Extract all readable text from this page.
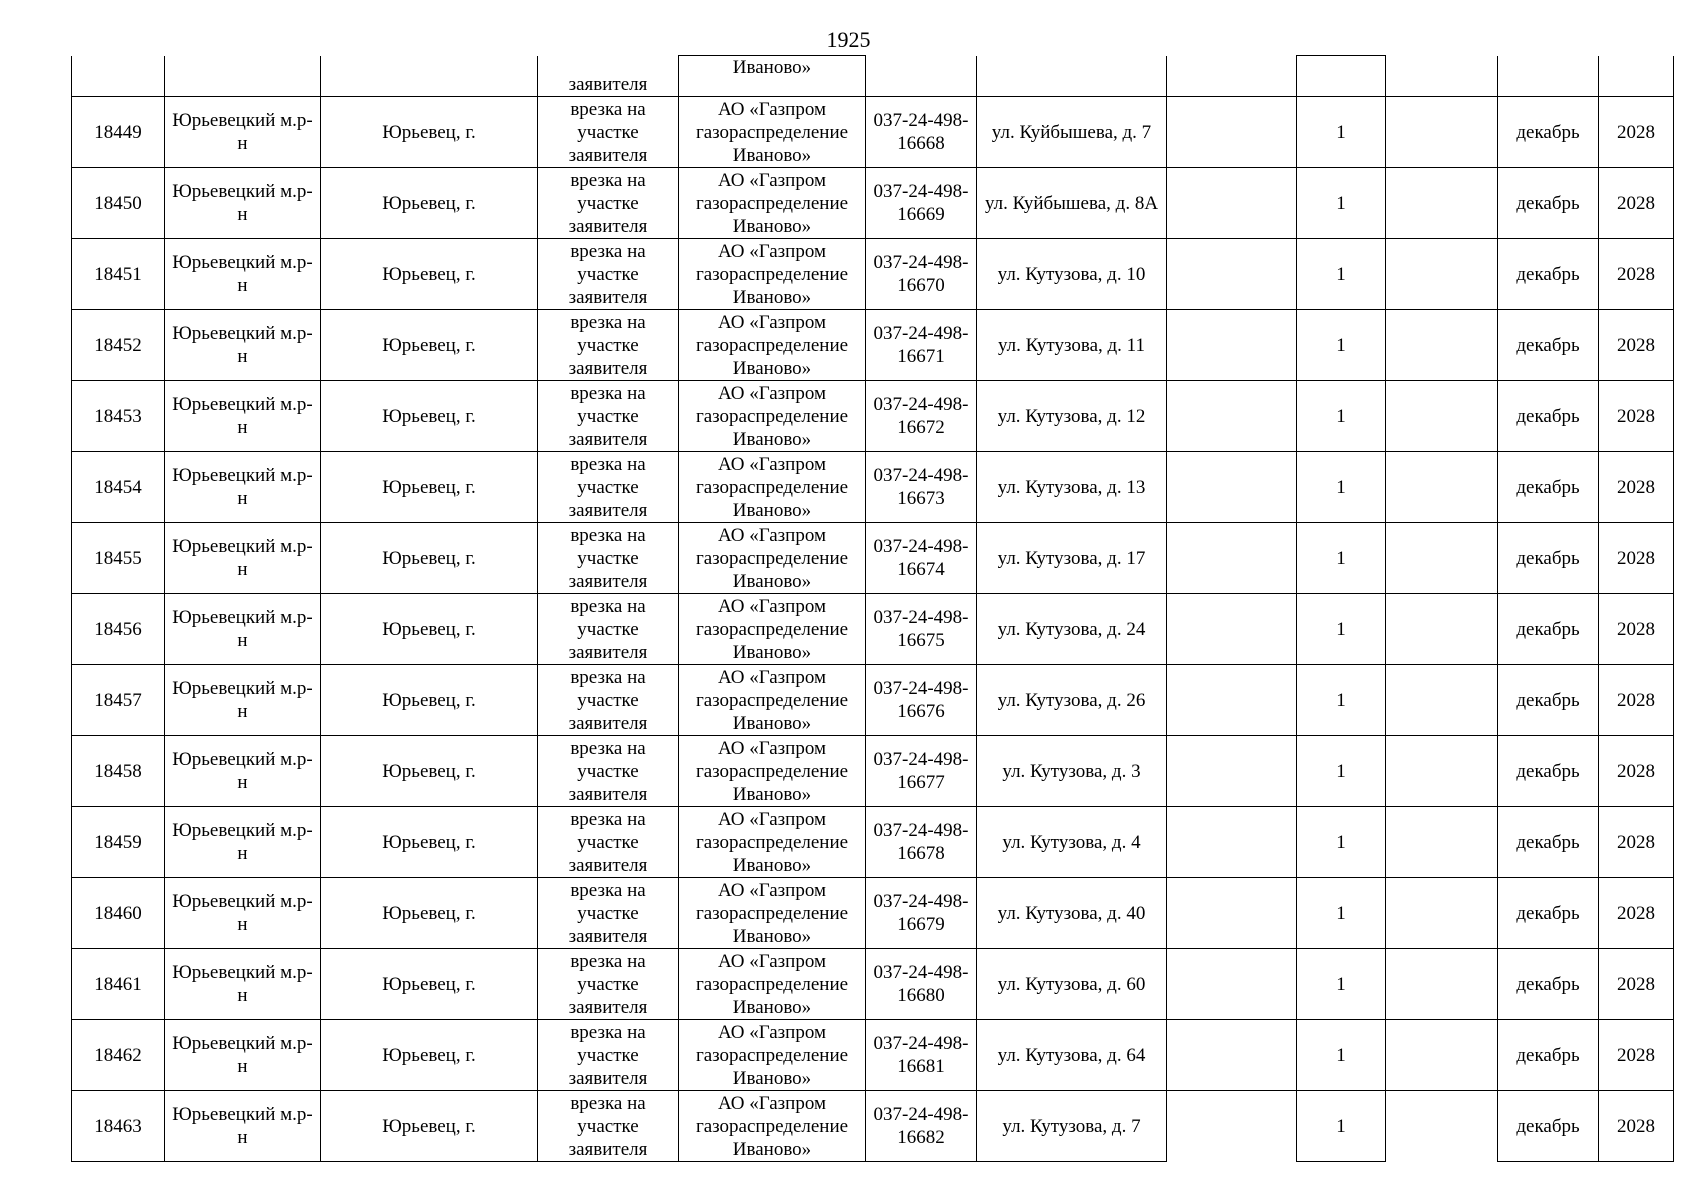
1925
			заявителя	Иваново»							
18449	Юрьевецкий м.р-н	Юрьевец, г.	врезка на участке заявителя	АО «Газпром газораспределение Иваново»	037-24-498-16668	ул. Куйбышева, д. 7		1		декабрь	2028
18450	Юрьевецкий м.р-н	Юрьевец, г.	врезка на участке заявителя	АО «Газпром газораспределение Иваново»	037-24-498-16669	ул. Куйбышева, д. 8А		1		декабрь	2028
18451	Юрьевецкий м.р-н	Юрьевец, г.	врезка на участке заявителя	АО «Газпром газораспределение Иваново»	037-24-498-16670	ул. Кутузова, д. 10		1		декабрь	2028
18452	Юрьевецкий м.р-н	Юрьевец, г.	врезка на участке заявителя	АО «Газпром газораспределение Иваново»	037-24-498-16671	ул. Кутузова, д. 11		1		декабрь	2028
18453	Юрьевецкий м.р-н	Юрьевец, г.	врезка на участке заявителя	АО «Газпром газораспределение Иваново»	037-24-498-16672	ул. Кутузова, д. 12		1		декабрь	2028
18454	Юрьевецкий м.р-н	Юрьевец, г.	врезка на участке заявителя	АО «Газпром газораспределение Иваново»	037-24-498-16673	ул. Кутузова, д. 13		1		декабрь	2028
18455	Юрьевецкий м.р-н	Юрьевец, г.	врезка на участке заявителя	АО «Газпром газораспределение Иваново»	037-24-498-16674	ул. Кутузова, д. 17		1		декабрь	2028
18456	Юрьевецкий м.р-н	Юрьевец, г.	врезка на участке заявителя	АО «Газпром газораспределение Иваново»	037-24-498-16675	ул. Кутузова, д. 24		1		декабрь	2028
18457	Юрьевецкий м.р-н	Юрьевец, г.	врезка на участке заявителя	АО «Газпром газораспределение Иваново»	037-24-498-16676	ул. Кутузова, д. 26		1		декабрь	2028
18458	Юрьевецкий м.р-н	Юрьевец, г.	врезка на участке заявителя	АО «Газпром газораспределение Иваново»	037-24-498-16677	ул. Кутузова, д. 3		1		декабрь	2028
18459	Юрьевецкий м.р-н	Юрьевец, г.	врезка на участке заявителя	АО «Газпром газораспределение Иваново»	037-24-498-16678	ул. Кутузова, д. 4		1		декабрь	2028
18460	Юрьевецкий м.р-н	Юрьевец, г.	врезка на участке заявителя	АО «Газпром газораспределение Иваново»	037-24-498-16679	ул. Кутузова, д. 40		1		декабрь	2028
18461	Юрьевецкий м.р-н	Юрьевец, г.	врезка на участке заявителя	АО «Газпром газораспределение Иваново»	037-24-498-16680	ул. Кутузова, д. 60		1		декабрь	2028
18462	Юрьевецкий м.р-н	Юрьевец, г.	врезка на участке заявителя	АО «Газпром газораспределение Иваново»	037-24-498-16681	ул. Кутузова, д. 64		1		декабрь	2028
18463	Юрьевецкий м.р-н	Юрьевец, г.	врезка на участке заявителя	АО «Газпром газораспределение Иваново»	037-24-498-16682	ул. Кутузова, д. 7		1		декабрь	2028
